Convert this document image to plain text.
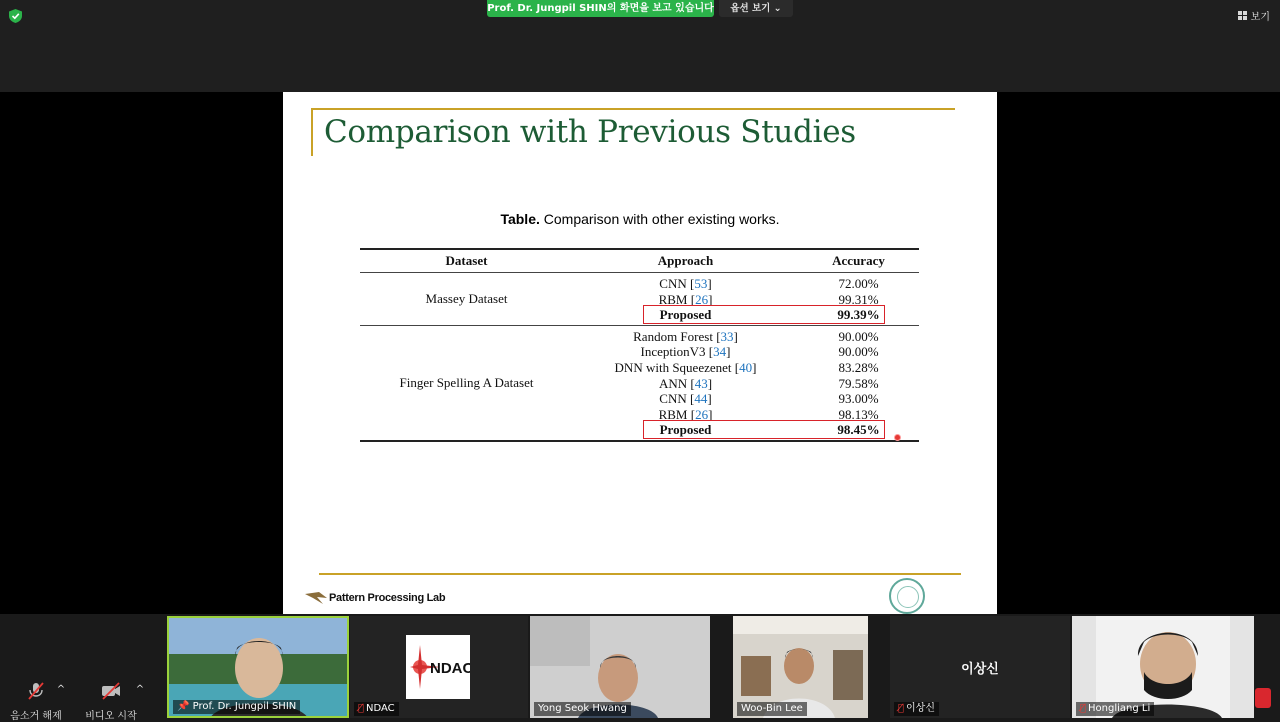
Prof. Dr. Jungpil SHIN의 화면을 보고 있습니다	옵션 보기 ⌄
보기
Comparison with Previous Studies
Table. Comparison with other existing works.
Dataset	Approach	Accuracy
Massey Dataset
CNN [53]	72.00%
RBM [26]	99.31%
Proposed	99.39%
Finger Spelling A Dataset
Random Forest [33]	90.00%
InceptionV3 [34]	90.00%
DNN with Squeezenet [40]	83.28%
ANN [43]	79.58%
CNN [44]	93.00%
RBM [26]	98.13%
Proposed	98.45%
Pattern Processing Lab
음소거 해제
^
비디오 시작
^
📌 Prof. Dr. Jungpil SHIN
NDAC
🎙̸ NDAC	Yong Seok Hwang	Woo-Bin Lee
이상신
🎙̸ 이상신	🎙̸ Hongliang Li
